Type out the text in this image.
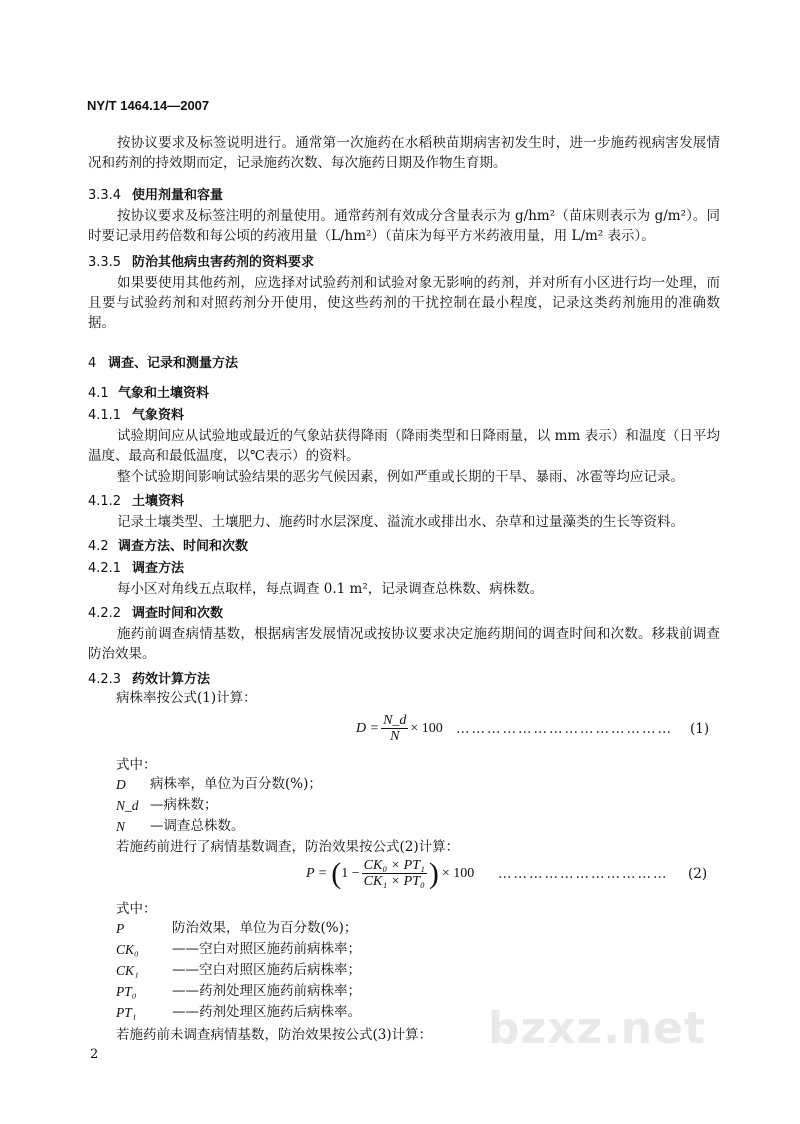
NY/T 1464.14—2007
按协议要求及标签说明进行。通常第一次施药在水稻秧苗期病害初发生时，进一步施药视病害发展情况和药剂的持效期而定，记录施药次数、每次施药日期及作物生育期。
3.3.4 使用剂量和容量
按协议要求及标签注明的剂量使用。通常药剂有效成分含量表示为 g/hm²（苗床则表示为 g/m²）。同时要记录用药倍数和每公顷的药液用量（L/hm²）（苗床为每平方米药液用量，用 L/m² 表示）。
3.3.5 防治其他病虫害药剂的资料要求
如果要使用其他药剂，应选择对试验药剂和试验对象无影响的药剂，并对所有小区进行均一处理，而且要与试验药剂和对照药剂分开使用，使这些药剂的干扰控制在最小程度，记录这类药剂施用的准确数据。
4 调查、记录和测量方法
4.1 气象和土壤资料
4.1.1 气象资料
试验期间应从试验地或最近的气象站获得降雨（降雨类型和日降雨量，以 mm 表示）和温度（日平均温度、最高和最低温度，以℃表示）的资料。
整个试验期间影响试验结果的恶劣气候因素，例如严重或长期的干旱、暴雨、冰雹等均应记录。
4.1.2 土壤资料
记录土壤类型、土壤肥力、施药时水层深度、溢流水或排出水、杂草和过量藻类的生长等资料。
4.2 调查方法、时间和次数
4.2.1 调查方法
每小区对角线五点取样，每点调查 0.1 m²，记录调查总株数、病株数。
4.2.2 调查时间和次数
施药前调查病情基数，根据病害发展情况或按协议要求决定施药期间的调查时间和次数。移栽前调查防治效果。
4.2.3 药效计算方法
病株率按公式(1)计算：
$D = \frac{N\_d}{N} \times 100$ …………………………………… (1)
式中：
D	病株率，单位为百分数(%)；
N_d — 病株数；
N	— 调查总株数。
若施药前进行了病情基数调查，防治效果按公式(2)计算：
P = ( $1 - \frac{\text{CK₀ × PT₁}}{\text{CK₁ × PT₀}}$ ) × 100 …………………………… (2)
式中：
P	防治效果，单位为百分数(%)；
CK₀	—— 空白对照区施药前病株率；
CK₁	—— 空白对照区施药后病株率；
PT₀	—— 药剂处理区施药前病株率；
PT₁	—— 药剂处理区施药后病株率。
若施药前未调查病情基数，防治效果按公式(3)计算： bzxz.net
2
